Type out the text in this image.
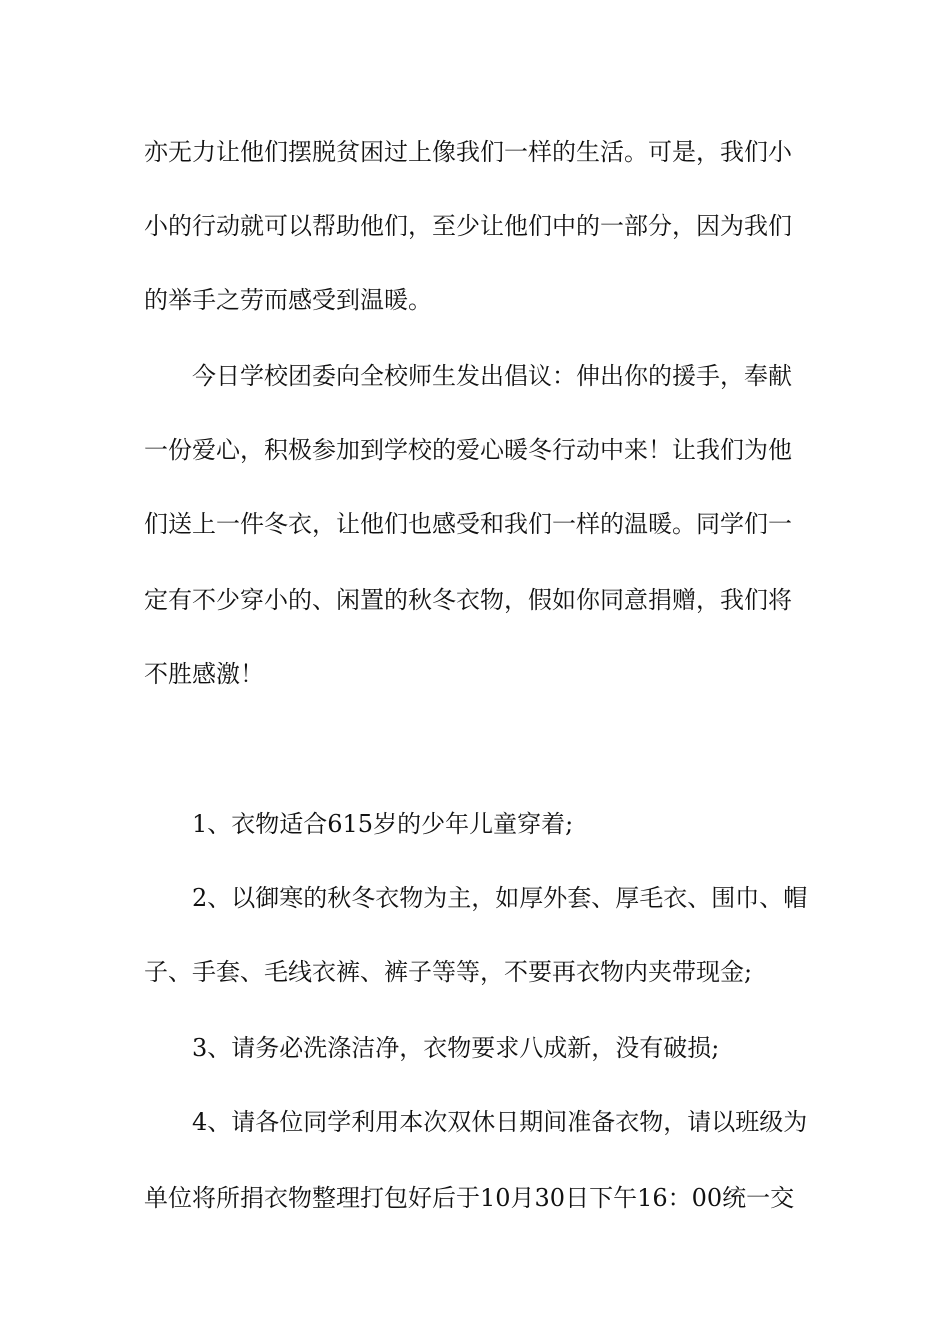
亦无力让他们摆脱贫困过上像我们一样的生活。可是，我们小
小的行动就可以帮助他们，至少让他们中的一部分，因为我们
的举手之劳而感受到温暖。
今日学校团委向全校师生发出倡议：伸出你的援手，奉献
一份爱心，积极参加到学校的爱心暖冬行动中来！让我们为他
们送上一件冬衣，让他们也感受和我们一样的温暖。同学们一
定有不少穿小的、闲置的秋冬衣物，假如你同意捐赠，我们将
不胜感激！
1、衣物适合615岁的少年儿童穿着;
2、以御寒的秋冬衣物为主，如厚外套、厚毛衣、围巾、帽
子、手套、毛线衣裤、裤子等等，不要再衣物内夹带现金;
3、请务必洗涤洁净，衣物要求八成新，没有破损;
4、请各位同学利用本次双休日期间准备衣物，请以班级为
单位将所捐衣物整理打包好后于10月30日下午16：00统一交
